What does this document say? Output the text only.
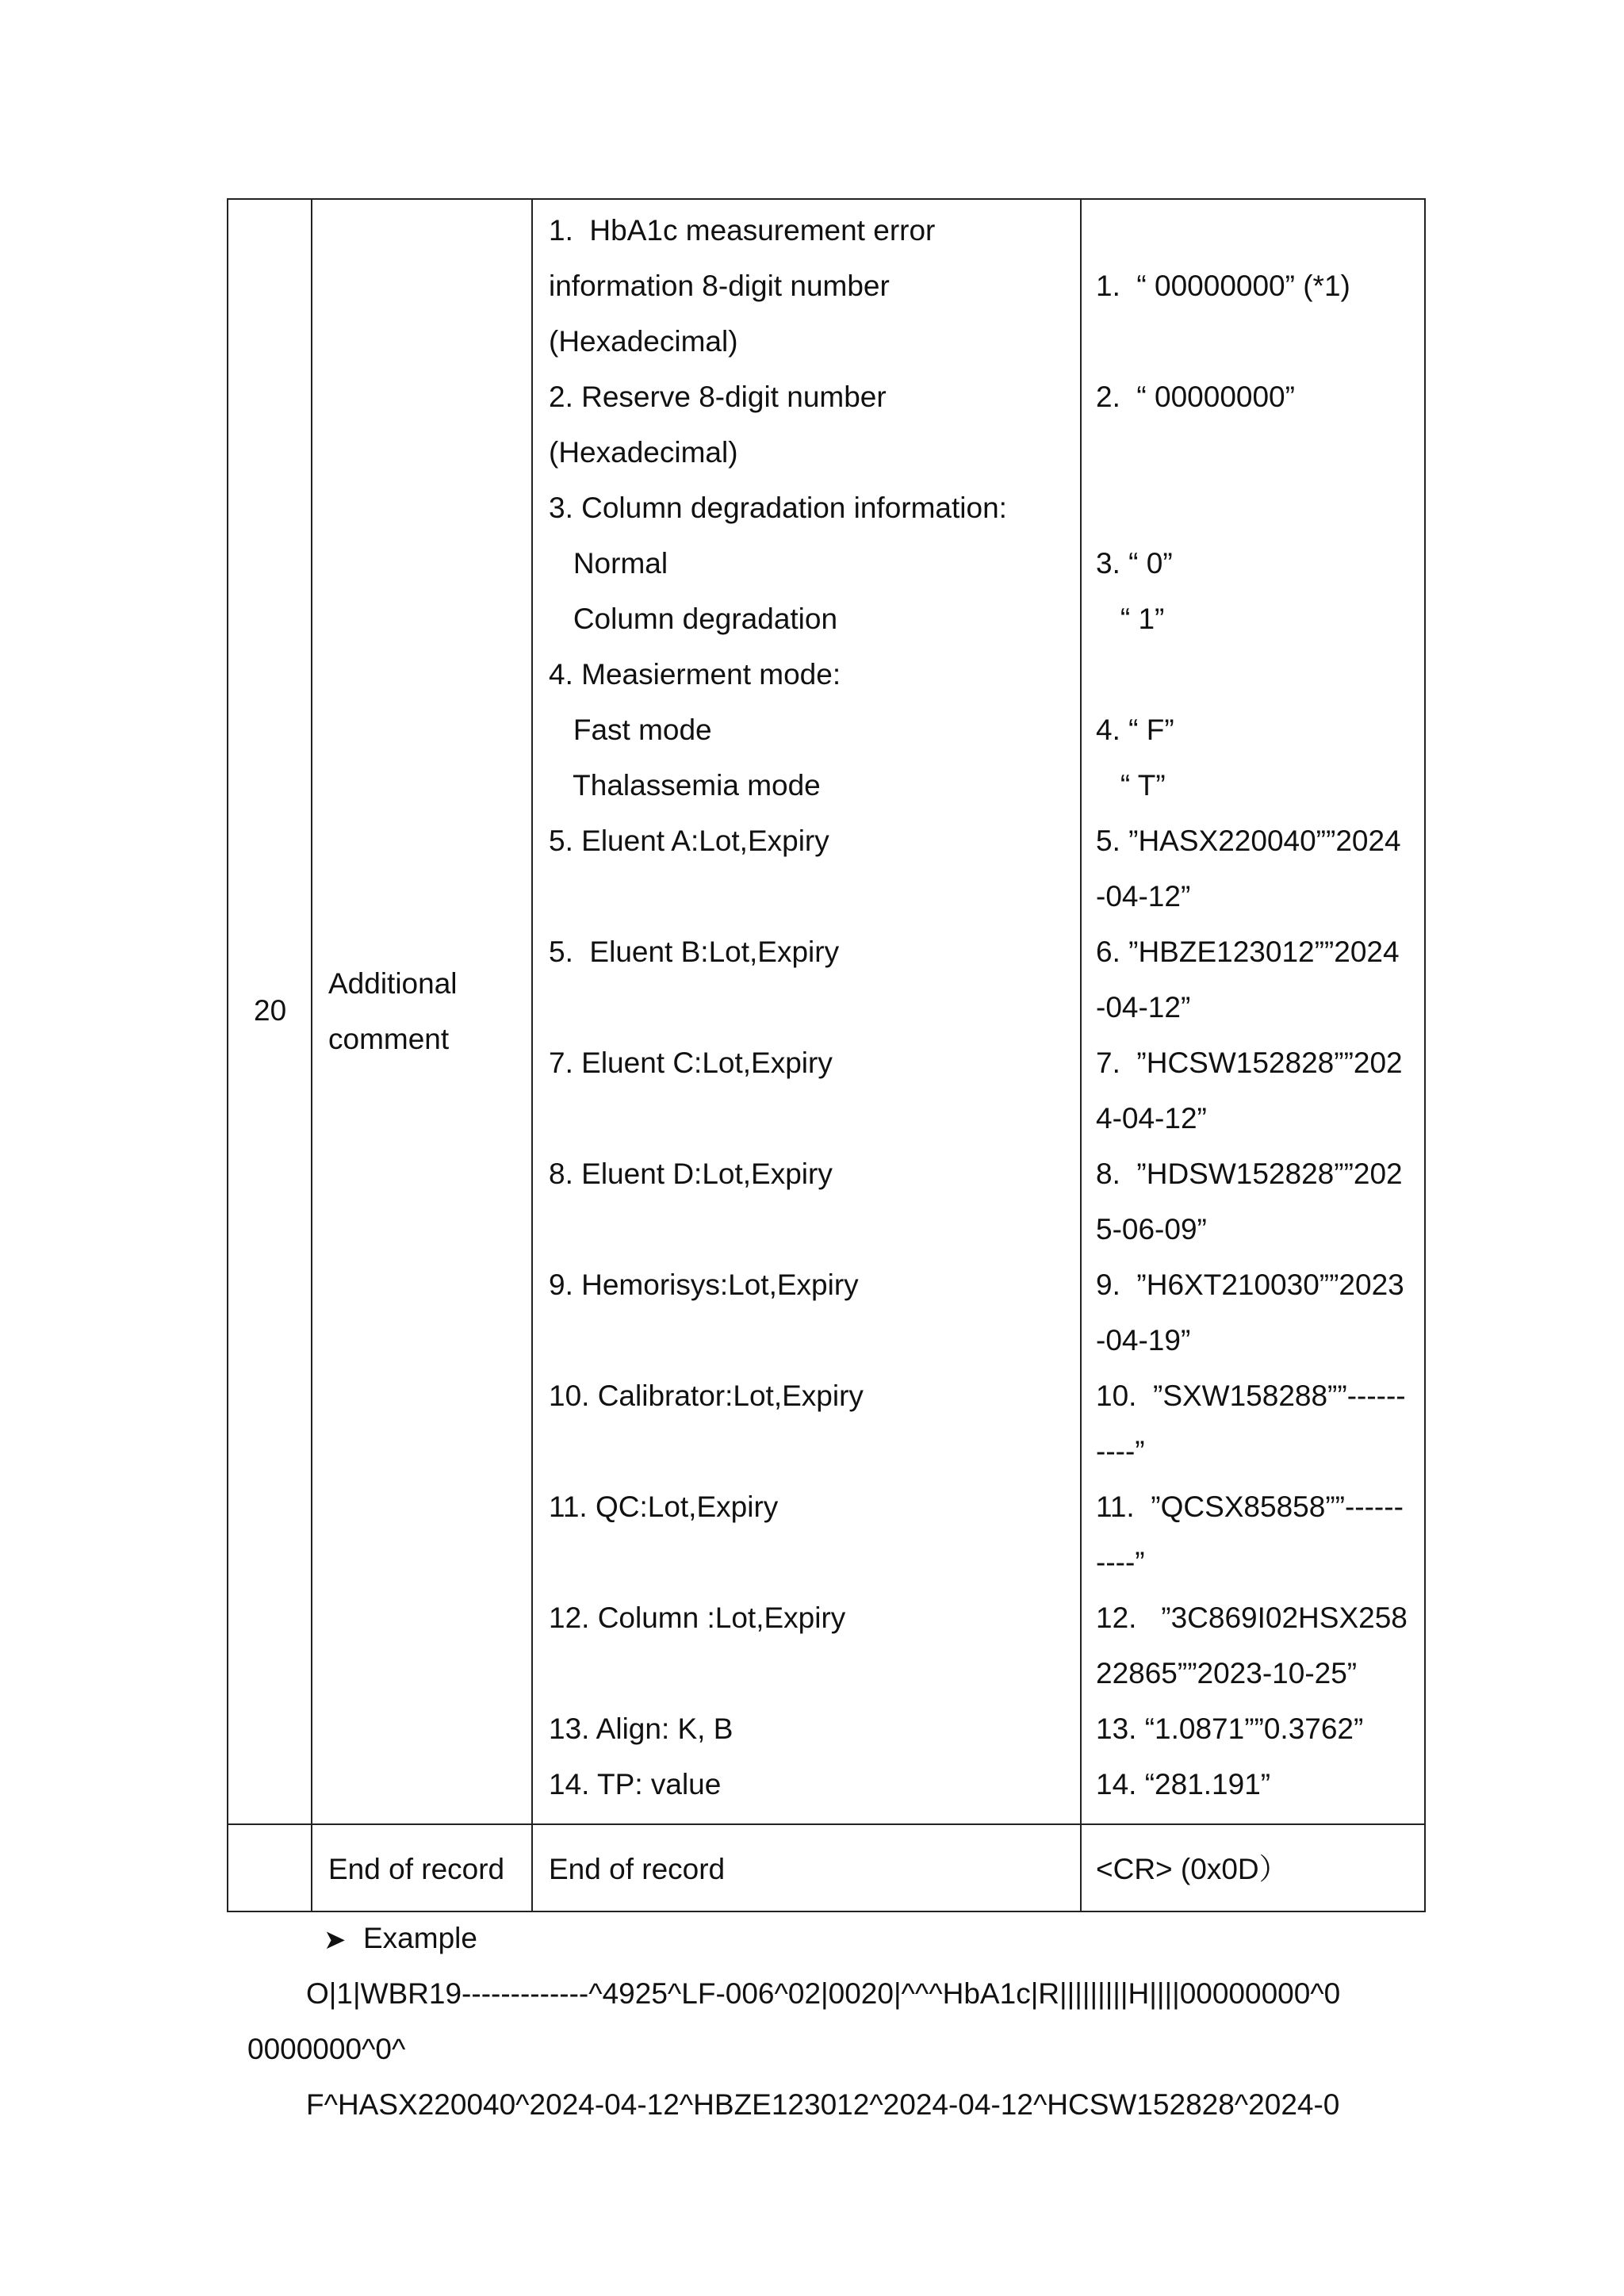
20
Additional
comment
1.  HbA1c measurement error
information 8-digit number
(Hexadecimal)
2. Reserve 8-digit number
(Hexadecimal)
3. Column degradation information:
Normal
Column degradation
4. Measierment mode:
Fast mode
Thalassemia mode
5. Eluent A:Lot,Expiry
5.  Eluent B:Lot,Expiry
7. Eluent C:Lot,Expiry
8. Eluent D:Lot,Expiry
9. Hemorisys:Lot,Expiry
10. Calibrator:Lot,Expiry
11. QC:Lot,Expiry
12. Column :Lot,Expiry
13. Align: K, B
14. TP: value
1.  “ 00000000” (*1)
2.  “ 00000000”
3. “ 0”
“ 1”
4. “ F”
“ T”
5. ”HASX220040””2024
-04-12”
6. ”HBZE123012””2024
-04-12”
7.  ”HCSW152828””202
4-04-12”
8.  ”HDSW152828””202
5-06-09”
9.  ”H6XT210030””2023
-04-19”
10.  ”SXW158288””------
----”
11.  ”QCSX85858””------
----”
12.   ”3C869I02HSX258
22865””2023-10-25”
13. “1.0871””0.3762”
14. “281.191”
End of record End of record	<CR> (0x0D）
➤ Example
O|1|WBR19-------------^4925^LF-006^02|0020|^^^HbA1c|R|||||||||H||||00000000^0
0000000^0^
F^HASX220040^2024-04-12^HBZE123012^2024-04-12^HCSW152828^2024-0
